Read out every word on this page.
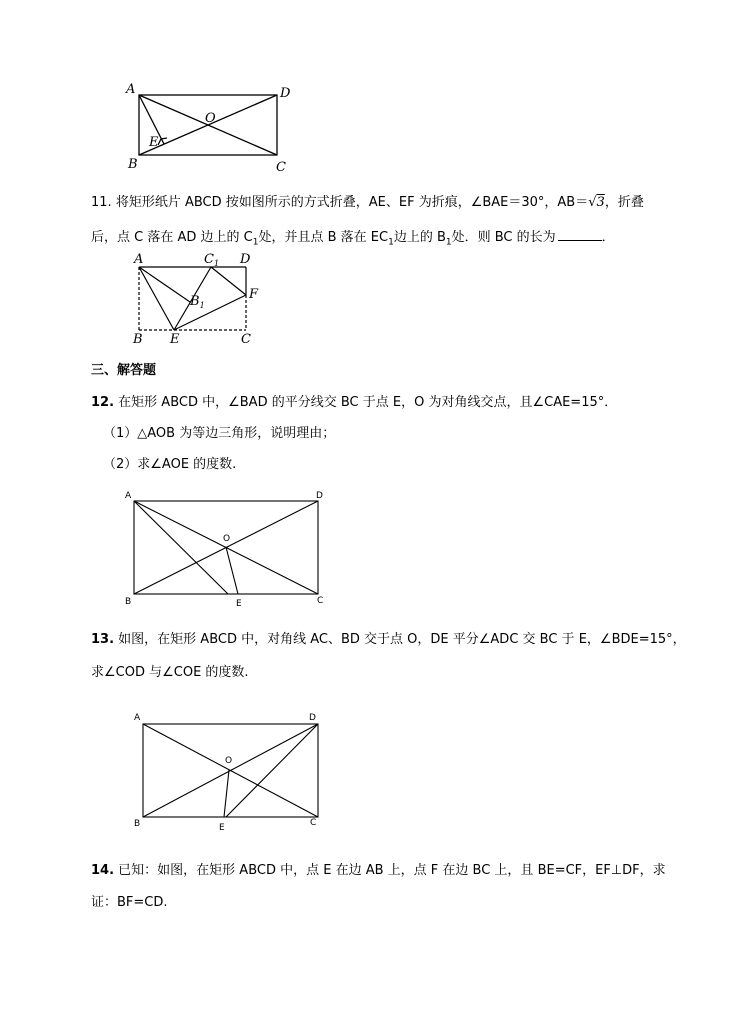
A	D
O
E
B	C
11. 将矩形纸片 ABCD 按如图所示的方式折叠，AE、EF 为折痕，∠BAE＝30°，AB＝√3，折叠
后，点 C 落在 AD 边上的 $C_1$处，并且点 B 落在 $EC_1$边上的 $B_1$处．则 BC 的长为	．
A	$C_1$ D
$B_1$
F
B E	C
三、解答题
12. 在矩形 ABCD 中，∠BAD 的平分线交 BC 于点 E，O 为对角线交点，且∠CAE=15°．
（1）△AOB 为等边三角形，说明理由；
（2）求∠AOE 的度数.
A	D
O
B	E	C
13. 如图，在矩形 ABCD 中，对角线 AC、BD 交于点 O，DE 平分∠ADC 交 BC 于 E，∠BDE=15°，
求∠COD 与∠COE 的度数.
A	D
O
B	E	C
14. 已知：如图，在矩形 ABCD 中，点 E 在边 AB 上，点 F 在边 BC 上，且 BE=CF，EF⊥DF，求
证：BF=CD.
